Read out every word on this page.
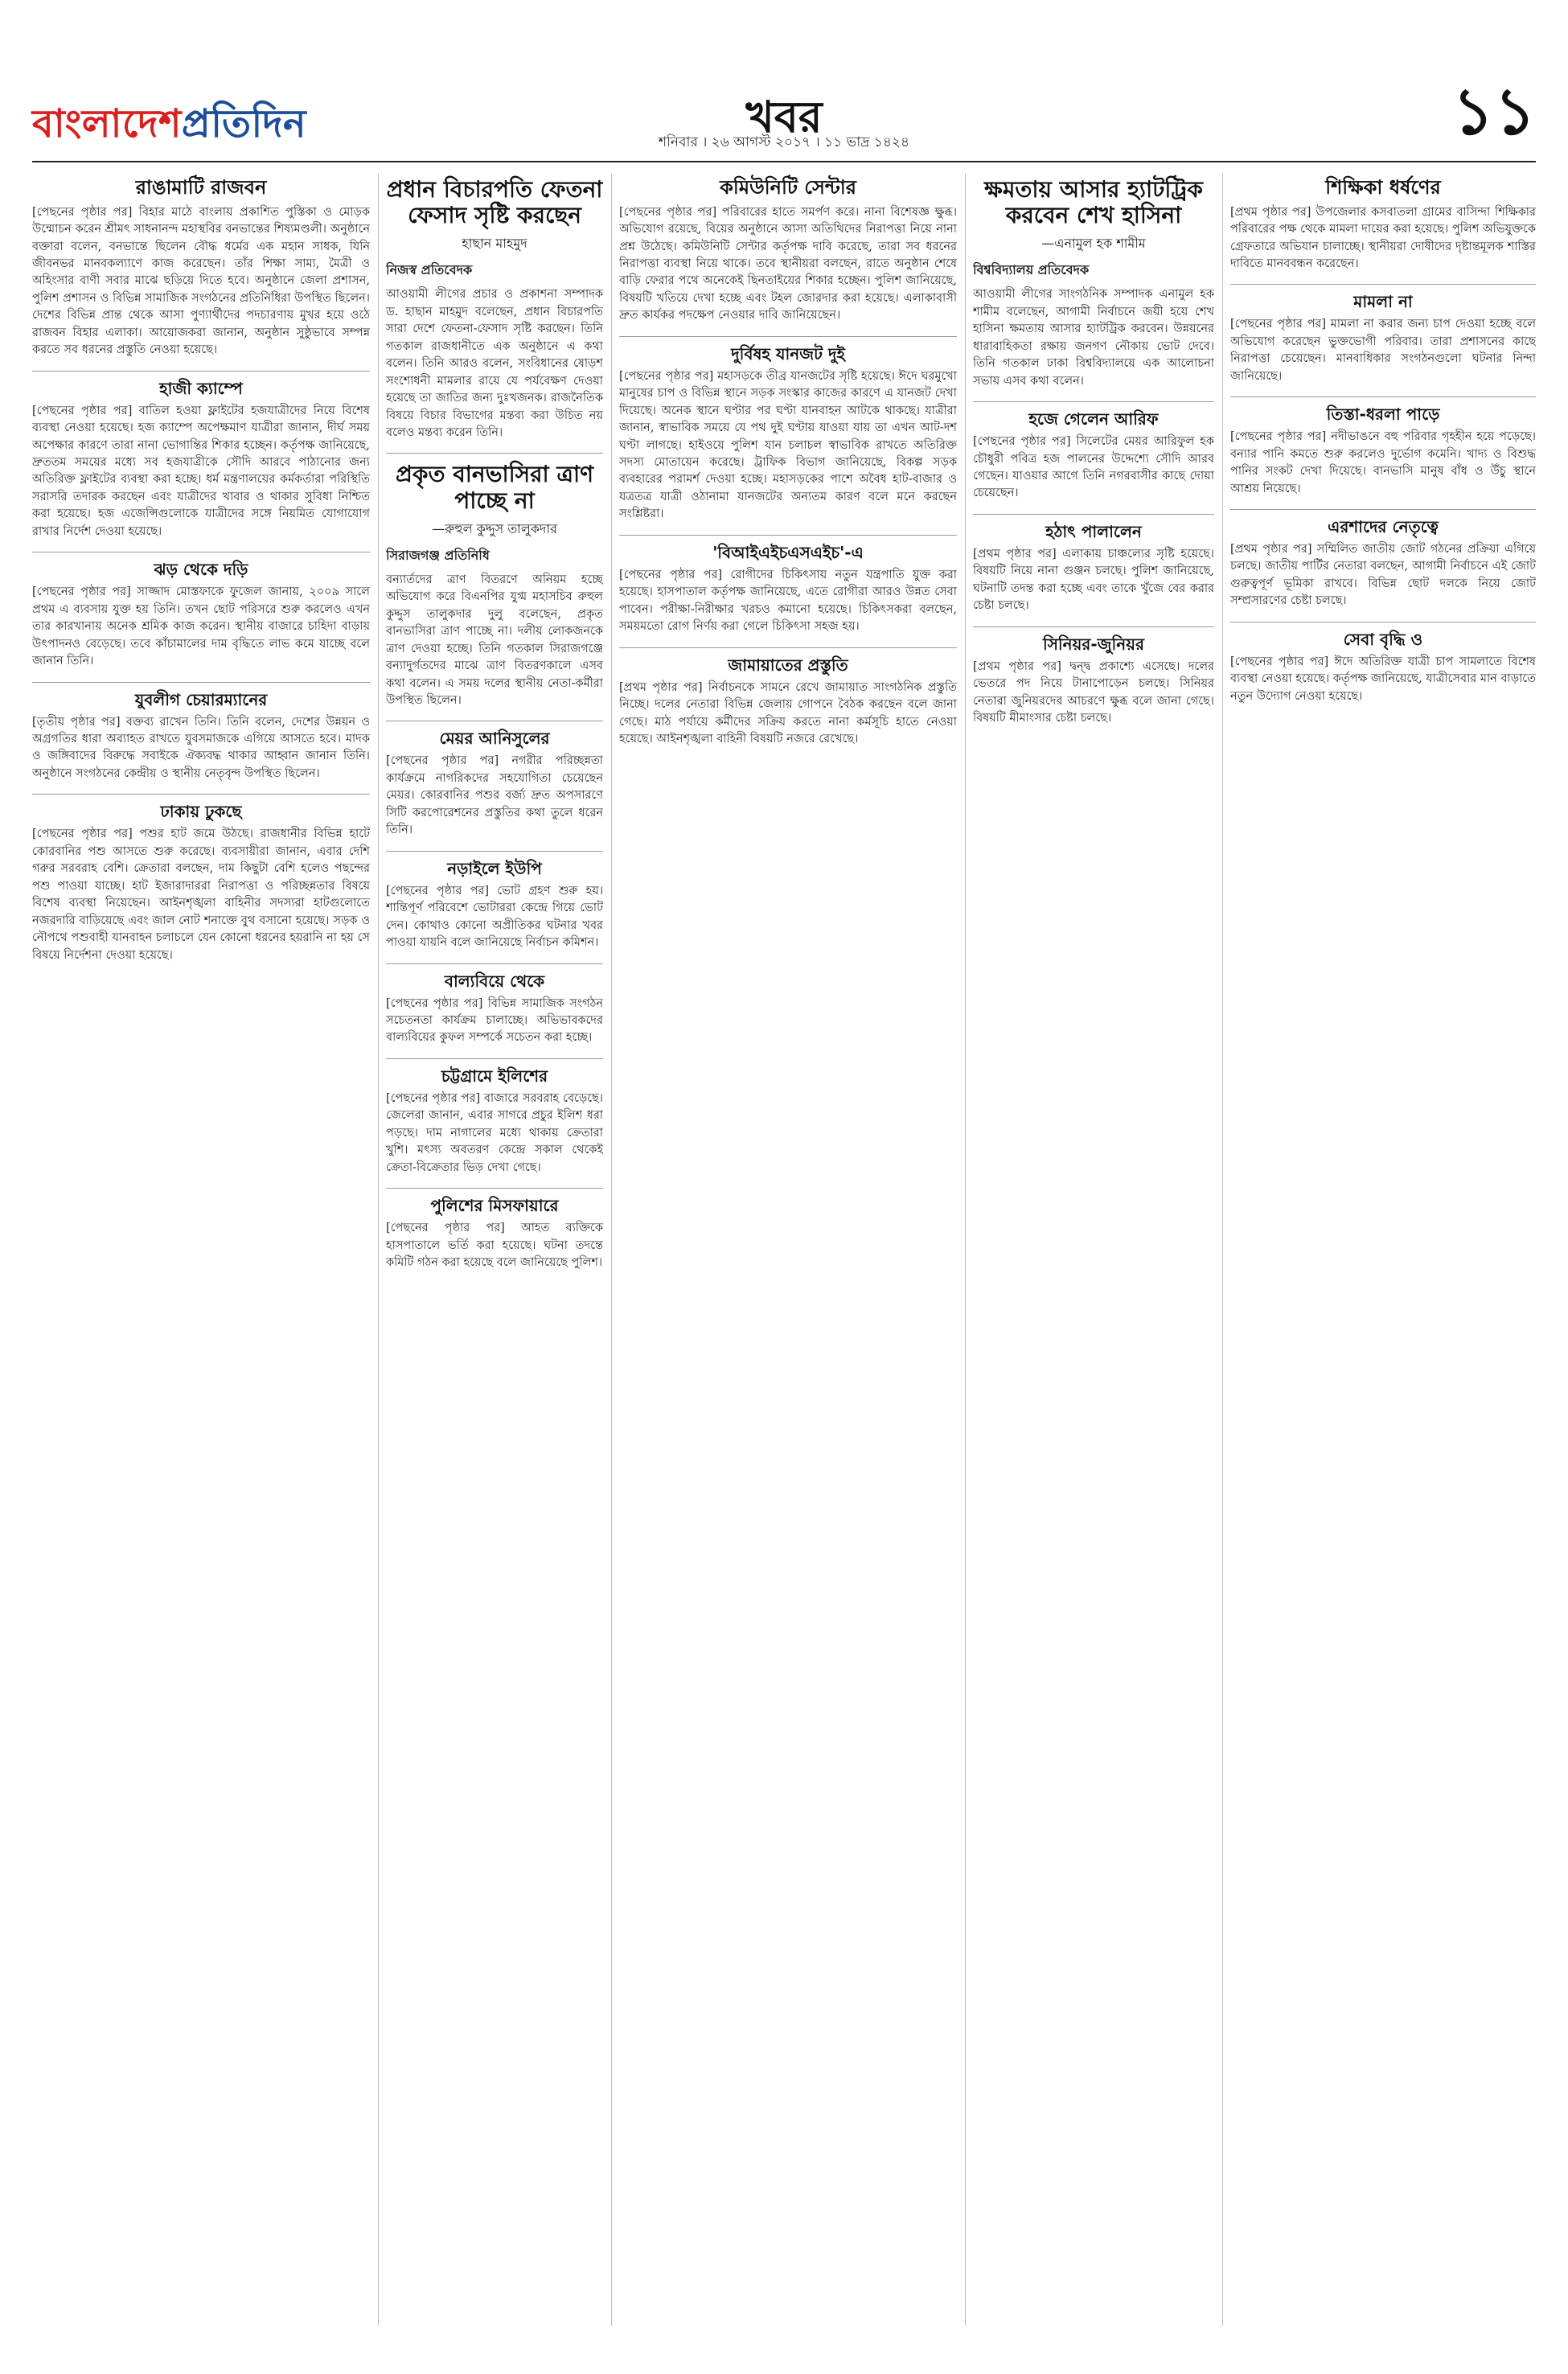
বাংলাদেশপ্রতিদিন	খবর
শনিবার । ২৬ আগস্ট ২০১৭ । ১১ ভাদ্র ১৪২৪	১১
রাঙামাটি রাজবন

[পেছনের পৃষ্ঠার পর] বিহার মাঠে বাংলায় প্রকাশিত পুস্তিকা ও মোড়ক উন্মোচন করেন শ্রীমৎ সাধনানন্দ মহাস্থবির বনভান্তের শিষ্যমণ্ডলী। অনুষ্ঠানে বক্তারা বলেন, বনভান্তে ছিলেন বৌদ্ধ ধর্মের এক মহান সাধক, যিনি জীবনভর মানবকল্যাণে কাজ করেছেন। তাঁর শিক্ষা সাম্য, মৈত্রী ও অহিংসার বাণী সবার মাঝে ছড়িয়ে দিতে হবে। অনুষ্ঠানে জেলা প্রশাসন, পুলিশ প্রশাসন ও বিভিন্ন সামাজিক সংগঠনের প্রতিনিধিরা উপস্থিত ছিলেন। দেশের বিভিন্ন প্রান্ত থেকে আসা পুণ্যার্থীদের পদচারণায় মুখর হয়ে ওঠে রাজবন বিহার এলাকা। আয়োজকরা জানান, অনুষ্ঠান সুষ্ঠুভাবে সম্পন্ন করতে সব ধরনের প্রস্তুতি নেওয়া হয়েছে।

হাজী ক্যাম্পে

[পেছনের পৃষ্ঠার পর] বাতিল হওয়া ফ্লাইটের হজযাত্রীদের নিয়ে বিশেষ ব্যবস্থা নেওয়া হয়েছে। হজ ক্যাম্পে অপেক্ষমাণ যাত্রীরা জানান, দীর্ঘ সময় অপেক্ষার কারণে তারা নানা ভোগান্তির শিকার হচ্ছেন। কর্তৃপক্ষ জানিয়েছে, দ্রুততম সময়ের মধ্যে সব হজযাত্রীকে সৌদি আরবে পাঠানোর জন্য অতিরিক্ত ফ্লাইটের ব্যবস্থা করা হচ্ছে। ধর্ম মন্ত্রণালয়ের কর্মকর্তারা পরিস্থিতি সরাসরি তদারক করছেন এবং যাত্রীদের খাবার ও থাকার সুবিধা নিশ্চিত করা হয়েছে। হজ এজেন্সিগুলোকে যাত্রীদের সঙ্গে নিয়মিত যোগাযোগ রাখার নির্দেশ দেওয়া হয়েছে।

ঝড় থেকে দড়ি

[পেছনের পৃষ্ঠার পর] সাজ্জাদ মোস্তফাকে ফুজেল জানায়, ২০০৯ সালে প্রথম এ ব্যবসায় যুক্ত হয় তিনি। তখন ছোট পরিসরে শুরু করলেও এখন তার কারখানায় অনেক শ্রমিক কাজ করেন। স্থানীয় বাজারে চাহিদা বাড়ায় উৎপাদনও বেড়েছে। তবে কাঁচামালের দাম বৃদ্ধিতে লাভ কমে যাচ্ছে বলে জানান তিনি।

যুবলীগ চেয়ারম্যানের

[তৃতীয় পৃষ্ঠার পর] বক্তব্য রাখেন তিনি। তিনি বলেন, দেশের উন্নয়ন ও অগ্রগতির ধারা অব্যাহত রাখতে যুবসমাজকে এগিয়ে আসতে হবে। মাদক ও জঙ্গিবাদের বিরুদ্ধে সবাইকে ঐক্যবদ্ধ থাকার আহ্বান জানান তিনি। অনুষ্ঠানে সংগঠনের কেন্দ্রীয় ও স্থানীয় নেতৃবৃন্দ উপস্থিত ছিলেন।

ঢাকায় ঢুকছে

[পেছনের পৃষ্ঠার পর] পশুর হাট জমে উঠছে। রাজধানীর বিভিন্ন হাটে কোরবানির পশু আসতে শুরু করেছে। ব্যবসায়ীরা জানান, এবার দেশি গরুর সরবরাহ বেশি। ক্রেতারা বলছেন, দাম কিছুটা বেশি হলেও পছন্দের পশু পাওয়া যাচ্ছে। হাট ইজারাদাররা নিরাপত্তা ও পরিচ্ছন্নতার বিষয়ে বিশেষ ব্যবস্থা নিয়েছেন। আইনশৃঙ্খলা বাহিনীর সদস্যরা হাটগুলোতে নজরদারি বাড়িয়েছে এবং জাল নোট শনাক্তে বুথ বসানো হয়েছে। সড়ক ও নৌপথে পশুবাহী যানবাহন চলাচলে যেন কোনো ধরনের হয়রানি না হয় সে বিষয়ে নির্দেশনা দেওয়া হয়েছে।

প্রধান বিচারপতি ফেতনা ফেসাদ সৃষ্টি করছেন
হাছান মাহমুদ
নিজস্ব প্রতিবেদক

আওয়ামী লীগের প্রচার ও প্রকাশনা সম্পাদক ড. হাছান মাহমুদ বলেছেন, প্রধান বিচারপতি সারা দেশে ফেতনা-ফেসাদ সৃষ্টি করছেন। তিনি গতকাল রাজধানীতে এক অনুষ্ঠানে এ কথা বলেন। তিনি আরও বলেন, সংবিধানের ষোড়শ সংশোধনী মামলার রায়ে যে পর্যবেক্ষণ দেওয়া হয়েছে তা জাতির জন্য দুঃখজনক। রাজনৈতিক বিষয়ে বিচার বিভাগের মন্তব্য করা উচিত নয় বলেও মন্তব্য করেন তিনি।

প্রকৃত বানভাসিরা ত্রাণ পাচ্ছে না
—রুহুল কুদ্দুস তালুকদার
সিরাজগঞ্জ প্রতিনিধি

বন্যার্তদের ত্রাণ বিতরণে অনিয়ম হচ্ছে অভিযোগ করে বিএনপির যুগ্ম মহাসচিব রুহুল কুদ্দুস তালুকদার দুলু বলেছেন, প্রকৃত বানভাসিরা ত্রাণ পাচ্ছে না। দলীয় লোকজনকে ত্রাণ দেওয়া হচ্ছে। তিনি গতকাল সিরাজগঞ্জে বন্যাদুর্গতদের মাঝে ত্রাণ বিতরণকালে এসব কথা বলেন। এ সময় দলের স্থানীয় নেতা-কর্মীরা উপস্থিত ছিলেন।

মেয়র আনিসুলের

[পেছনের পৃষ্ঠার পর] নগরীর পরিচ্ছন্নতা কার্যক্রমে নাগরিকদের সহযোগিতা চেয়েছেন মেয়র। কোরবানির পশুর বর্জ্য দ্রুত অপসারণে সিটি করপোরেশনের প্রস্তুতির কথা তুলে ধরেন তিনি।

নড়াইলে ইউপি

[পেছনের পৃষ্ঠার পর] ভোট গ্রহণ শুরু হয়। শান্তিপূর্ণ পরিবেশে ভোটাররা কেন্দ্রে গিয়ে ভোট দেন। কোথাও কোনো অপ্রীতিকর ঘটনার খবর পাওয়া যায়নি বলে জানিয়েছে নির্বাচন কমিশন।

বাল্যবিয়ে থেকে

[পেছনের পৃষ্ঠার পর] বিভিন্ন সামাজিক সংগঠন সচেতনতা কার্যক্রম চালাচ্ছে। অভিভাবকদের বাল্যবিয়ের কুফল সম্পর্কে সচেতন করা হচ্ছে।

চট্টগ্রামে ইলিশের

[পেছনের পৃষ্ঠার পর] বাজারে সরবরাহ বেড়েছে। জেলেরা জানান, এবার সাগরে প্রচুর ইলিশ ধরা পড়ছে। দাম নাগালের মধ্যে থাকায় ক্রেতারা খুশি। মৎস্য অবতরণ কেন্দ্রে সকাল থেকেই ক্রেতা-বিক্রেতার ভিড় দেখা গেছে।

পুলিশের মিসফায়ারে

[পেছনের পৃষ্ঠার পর] আহত ব্যক্তিকে হাসপাতালে ভর্তি করা হয়েছে। ঘটনা তদন্তে কমিটি গঠন করা হয়েছে বলে জানিয়েছে পুলিশ।

কমিউনিটি সেন্টার

[পেছনের পৃষ্ঠার পর] পরিবারের হাতে সমর্পণ করে। নানা বিশেষজ্ঞ ক্ষুব্ধ। অভিযোগ রয়েছে, বিয়ের অনুষ্ঠানে আসা অতিথিদের নিরাপত্তা নিয়ে নানা প্রশ্ন উঠেছে। কমিউনিটি সেন্টার কর্তৃপক্ষ দাবি করেছে, তারা সব ধরনের নিরাপত্তা ব্যবস্থা নিয়ে থাকে। তবে স্থানীয়রা বলছেন, রাতে অনুষ্ঠান শেষে বাড়ি ফেরার পথে অনেকেই ছিনতাইয়ের শিকার হচ্ছেন। পুলিশ জানিয়েছে, বিষয়টি খতিয়ে দেখা হচ্ছে এবং টহল জোরদার করা হয়েছে। এলাকাবাসী দ্রুত কার্যকর পদক্ষেপ নেওয়ার দাবি জানিয়েছেন।

দুর্বিষহ যানজট দুই

[পেছনের পৃষ্ঠার পর] মহাসড়কে তীব্র যানজটের সৃষ্টি হয়েছে। ঈদে ঘরমুখো মানুষের চাপ ও বিভিন্ন স্থানে সড়ক সংস্কার কাজের কারণে এ যানজট দেখা দিয়েছে। অনেক স্থানে ঘণ্টার পর ঘণ্টা যানবাহন আটকে থাকছে। যাত্রীরা জানান, স্বাভাবিক সময়ে যে পথ দুই ঘণ্টায় যাওয়া যায় তা এখন আট-দশ ঘণ্টা লাগছে। হাইওয়ে পুলিশ যান চলাচল স্বাভাবিক রাখতে অতিরিক্ত সদস্য মোতায়েন করেছে। ট্রাফিক বিভাগ জানিয়েছে, বিকল্প সড়ক ব্যবহারের পরামর্শ দেওয়া হচ্ছে। মহাসড়কের পাশে অবৈধ হাট-বাজার ও যত্রতত্র যাত্রী ওঠানামা যানজটের অন্যতম কারণ বলে মনে করছেন সংশ্লিষ্টরা।

'বিআইএইচএসএইচ'-এ

[পেছনের পৃষ্ঠার পর] রোগীদের চিকিৎসায় নতুন যন্ত্রপাতি যুক্ত করা হয়েছে। হাসপাতাল কর্তৃপক্ষ জানিয়েছে, এতে রোগীরা আরও উন্নত সেবা পাবেন। পরীক্ষা-নিরীক্ষার খরচও কমানো হয়েছে। চিকিৎসকরা বলছেন, সময়মতো রোগ নির্ণয় করা গেলে চিকিৎসা সহজ হয়।

জামায়াতের প্রস্তুতি

[প্রথম পৃষ্ঠার পর] নির্বাচনকে সামনে রেখে জামায়াত সাংগঠনিক প্রস্তুতি নিচ্ছে। দলের নেতারা বিভিন্ন জেলায় গোপনে বৈঠক করছেন বলে জানা গেছে। মাঠ পর্যায়ে কর্মীদের সক্রিয় করতে নানা কর্মসূচি হাতে নেওয়া হয়েছে। আইনশৃঙ্খলা বাহিনী বিষয়টি নজরে রেখেছে।

ক্ষমতায় আসার হ্যাটট্রিক করবেন শেখ হাসিনা
—এনামুল হক শামীম
বিশ্ববিদ্যালয় প্রতিবেদক

আওয়ামী লীগের সাংগঠনিক সম্পাদক এনামুল হক শামীম বলেছেন, আগামী নির্বাচনে জয়ী হয়ে শেখ হাসিনা ক্ষমতায় আসার হ্যাটট্রিক করবেন। উন্নয়নের ধারাবাহিকতা রক্ষায় জনগণ নৌকায় ভোট দেবে। তিনি গতকাল ঢাকা বিশ্ববিদ্যালয়ে এক আলোচনা সভায় এসব কথা বলেন।

হজে গেলেন আরিফ

[পেছনের পৃষ্ঠার পর] সিলেটের মেয়র আরিফুল হক চৌধুরী পবিত্র হজ পালনের উদ্দেশ্যে সৌদি আরব গেছেন। যাওয়ার আগে তিনি নগরবাসীর কাছে দোয়া চেয়েছেন।

হঠাৎ পালালেন

[প্রথম পৃষ্ঠার পর] এলাকায় চাঞ্চল্যের সৃষ্টি হয়েছে। বিষয়টি নিয়ে নানা গুঞ্জন চলছে। পুলিশ জানিয়েছে, ঘটনাটি তদন্ত করা হচ্ছে এবং তাকে খুঁজে বের করার চেষ্টা চলছে।

সিনিয়র-জুনিয়র

[প্রথম পৃষ্ঠার পর] দ্বন্দ্ব প্রকাশ্যে এসেছে। দলের ভেতরে পদ নিয়ে টানাপোড়েন চলছে। সিনিয়র নেতারা জুনিয়রদের আচরণে ক্ষুব্ধ বলে জানা গেছে। বিষয়টি মীমাংসার চেষ্টা চলছে।

শিক্ষিকা ধর্ষণের

[প্রথম পৃষ্ঠার পর] উপজেলার কসবাতলা গ্রামের বাসিন্দা শিক্ষিকার পরিবারের পক্ষ থেকে মামলা দায়ের করা হয়েছে। পুলিশ অভিযুক্তকে গ্রেফতারে অভিযান চালাচ্ছে। স্থানীয়রা দোষীদের দৃষ্টান্তমূলক শাস্তির দাবিতে মানববন্ধন করেছেন।

মামলা না

[পেছনের পৃষ্ঠার পর] মামলা না করার জন্য চাপ দেওয়া হচ্ছে বলে অভিযোগ করেছেন ভুক্তভোগী পরিবার। তারা প্রশাসনের কাছে নিরাপত্তা চেয়েছেন। মানবাধিকার সংগঠনগুলো ঘটনার নিন্দা জানিয়েছে।

তিস্তা-ধরলা পাড়ে

[পেছনের পৃষ্ঠার পর] নদীভাঙনে বহু পরিবার গৃহহীন হয়ে পড়েছে। বন্যার পানি কমতে শুরু করলেও দুর্ভোগ কমেনি। খাদ্য ও বিশুদ্ধ পানির সংকট দেখা দিয়েছে। বানভাসি মানুষ বাঁধ ও উঁচু স্থানে আশ্রয় নিয়েছে।

এরশাদের নেতৃত্বে

[প্রথম পৃষ্ঠার পর] সম্মিলিত জাতীয় জোট গঠনের প্রক্রিয়া এগিয়ে চলছে। জাতীয় পার্টির নেতারা বলছেন, আগামী নির্বাচনে এই জোট গুরুত্বপূর্ণ ভূমিকা রাখবে। বিভিন্ন ছোট দলকে নিয়ে জোট সম্প্রসারণের চেষ্টা চলছে।

সেবা বৃদ্ধি ও

[পেছনের পৃষ্ঠার পর] ঈদে অতিরিক্ত যাত্রী চাপ সামলাতে বিশেষ ব্যবস্থা নেওয়া হয়েছে। কর্তৃপক্ষ জানিয়েছে, যাত্রীসেবার মান বাড়াতে নতুন উদ্যোগ নেওয়া হয়েছে।
